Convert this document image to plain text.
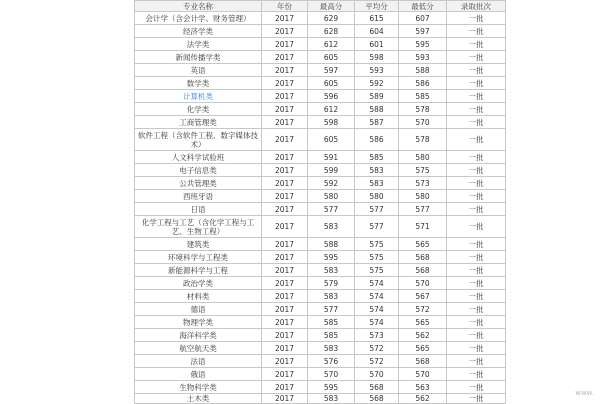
专业名称	年份	最高分	平均分	最低分	录取批次
会计学（含会计学、财务管理）	2017	629	615	607	一批
经济学类	2017	628	604	597	一批
法学类	2017	612	601	595	一批
新闻传播学类	2017	605	598	593	一批
英语	2017	597	593	588	一批
数学类	2017	605	592	586	一批
计算机类	2017	596	589	585	一批
化学类	2017	612	588	578	一批
工商管理类	2017	598	587	570	一批
软件工程（含软件工程、数字媒体技术）	2017	605	586	578	一批
人文科学试验班	2017	591	585	580	一批
电子信息类	2017	599	583	575	一批
公共管理类	2017	592	583	573	一批
西班牙语	2017	580	580	580	一批
日语	2017	577	577	577	一批
化学工程与工艺（含化学工程与工艺、生物工程）	2017	583	577	571	一批
建筑类	2017	588	575	565	一批
环境科学与工程类	2017	595	575	568	一批
新能源科学与工程	2017	583	575	568	一批
政治学类	2017	579	574	570	一批
材料类	2017	583	574	567	一批
德语	2017	577	574	572	一批
物理学类	2017	585	574	565	一批
海洋科学类	2017	585	573	562	一批
航空航天类	2017	583	572	565	一批
法语	2017	576	572	568	一批
俄语	2017	570	570	570	一批
生物科学类	2017	595	568	563	一批
土木类	2017	583	568	562	一批
www.
